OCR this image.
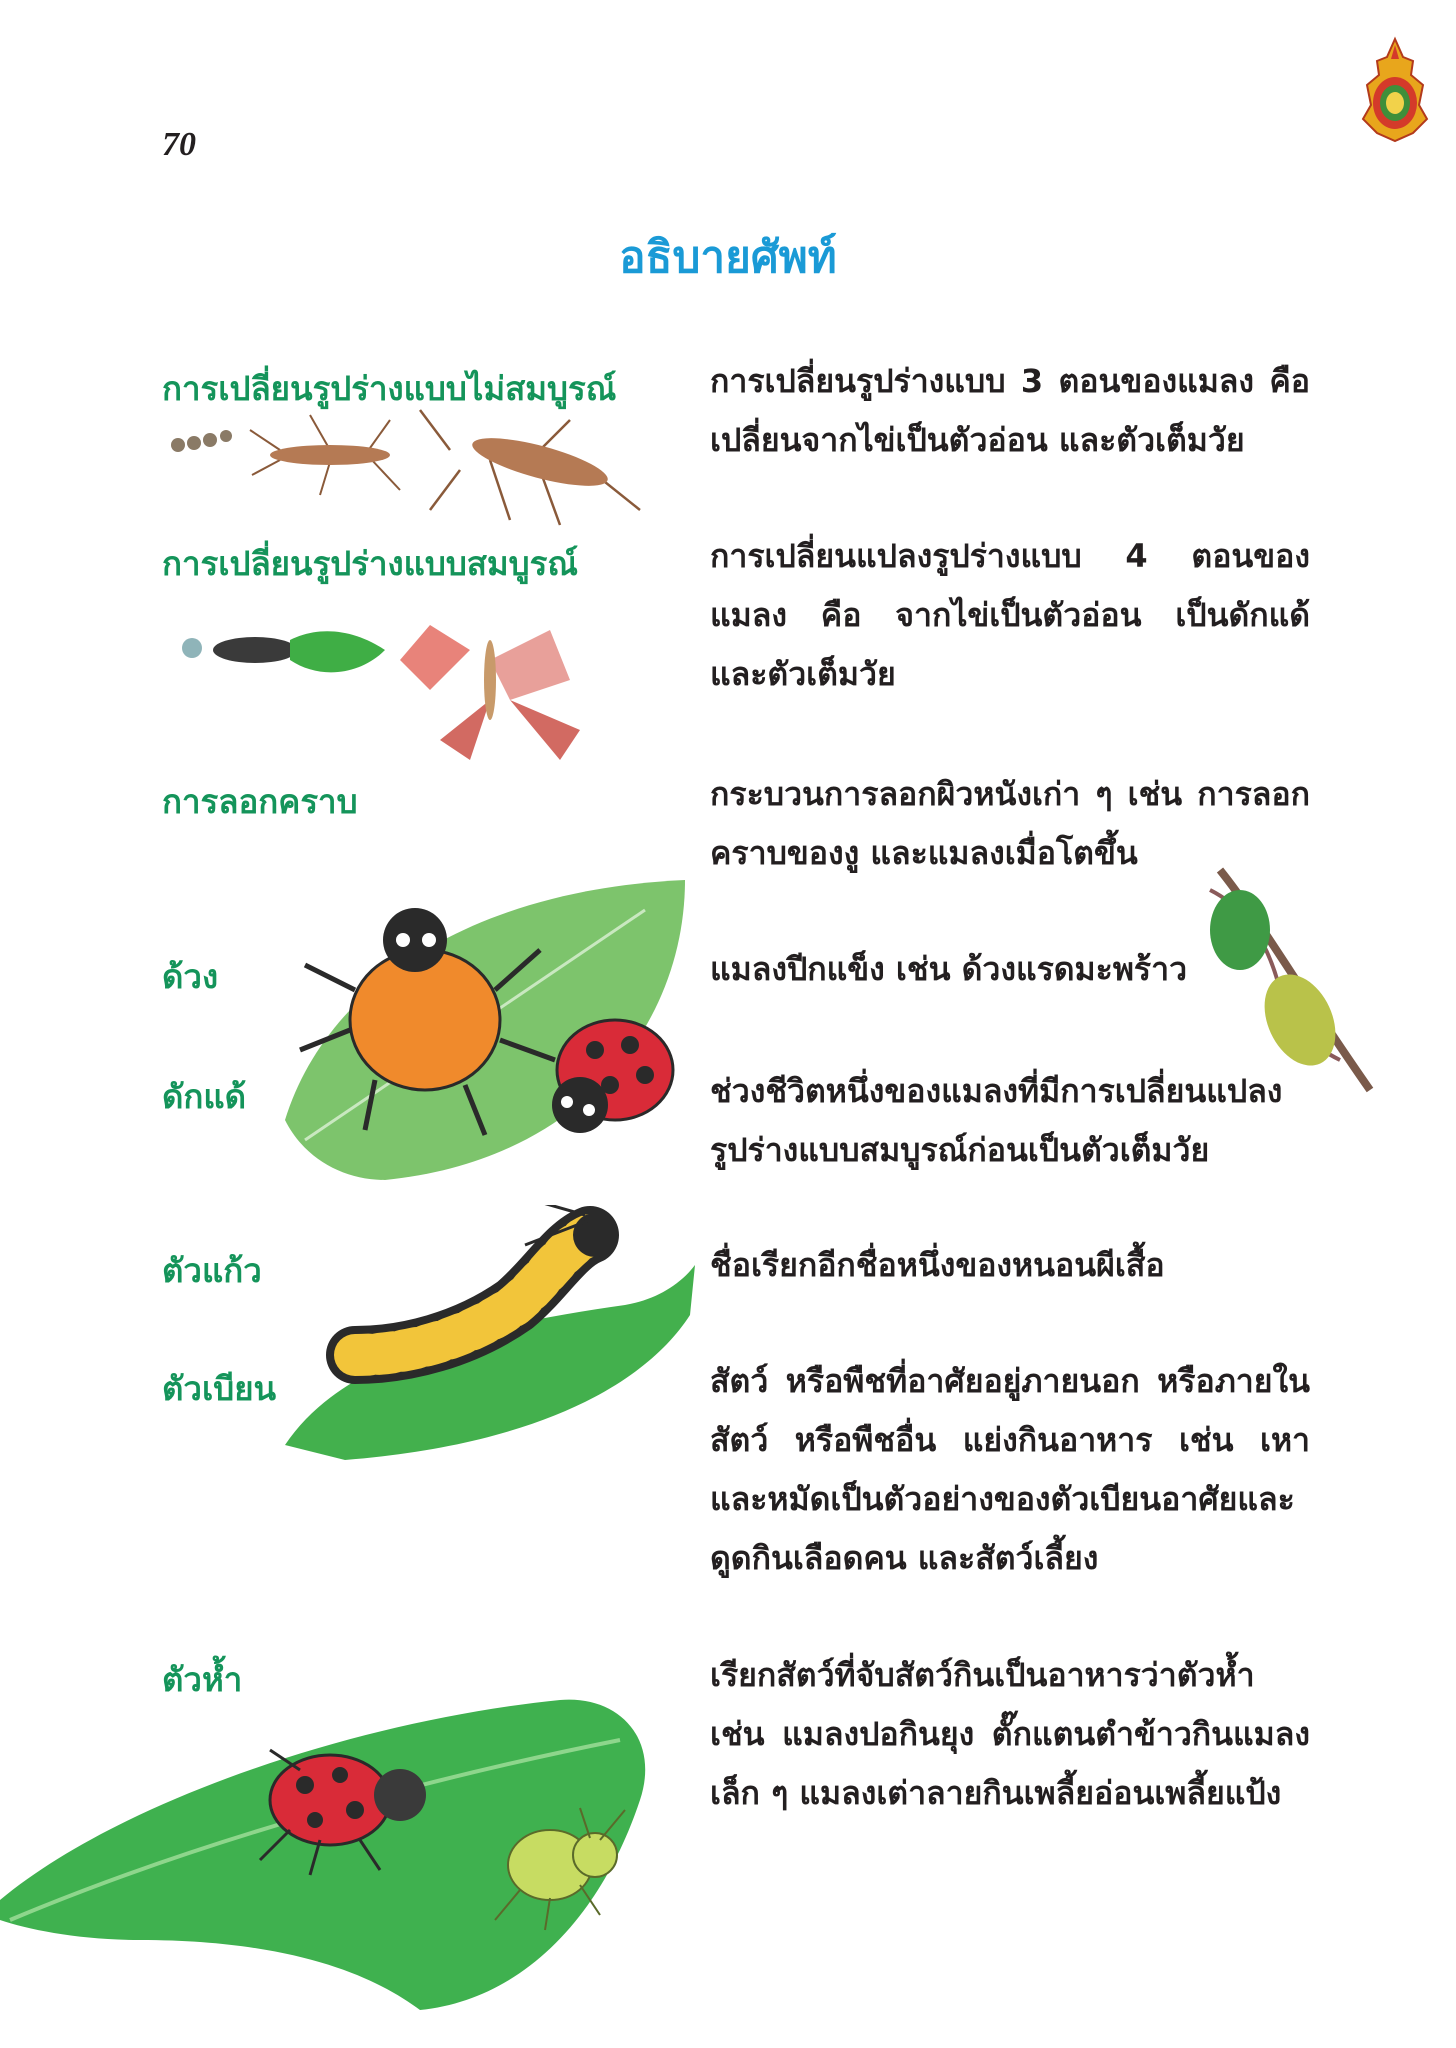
70
อธิบายศัพท์
การเปลี่ยนรูปร่างแบบไม่สมบูรณ์	การเปลี่ยนรูปร่างแบบ 3 ตอนของแมลง คือ เปลี่ยนจากไข่เป็นตัวอ่อน และตัวเต็มวัย
การเปลี่ยนรูปร่างแบบสมบูรณ์	การเปลี่ยนแปลงรูปร่างแบบ 4 ตอนของแมลง คือ จากไข่เป็นตัวอ่อน เป็นดักแด้ และตัวเต็มวัย
การลอกคราบ	กระบวนการลอกผิวหนังเก่า ๆ เช่น การลอกคราบของงู และแมลงเมื่อโตขึ้น
ด้วง	แมลงปีกแข็ง เช่น ด้วงแรดมะพร้าว
ดักแด้	ช่วงชีวิตหนึ่งของแมลงที่มีการเปลี่ยนแปลงรูปร่างแบบสมบูรณ์ก่อนเป็นตัวเต็มวัย
ตัวแก้ว	ชื่อเรียกอีกชื่อหนึ่งของหนอนผีเสื้อ
ตัวเบียน	สัตว์ หรือพืชที่อาศัยอยู่ภายนอก หรือภายในสัตว์ หรือพืชอื่น แย่งกินอาหาร เช่น เหา และหมัดเป็นตัวอย่างของตัวเบียนอาศัยและดูดกินเลือดคน และสัตว์เลี้ยง
ตัวห้ำ	เรียกสัตว์ที่จับสัตว์กินเป็นอาหารว่าตัวห้ำ เช่น แมลงปอกินยุง ตั๊กแตนตำข้าวกินแมลงเล็ก ๆ แมลงเต่าลายกินเพลี้ยอ่อนเพลี้ยแป้ง
